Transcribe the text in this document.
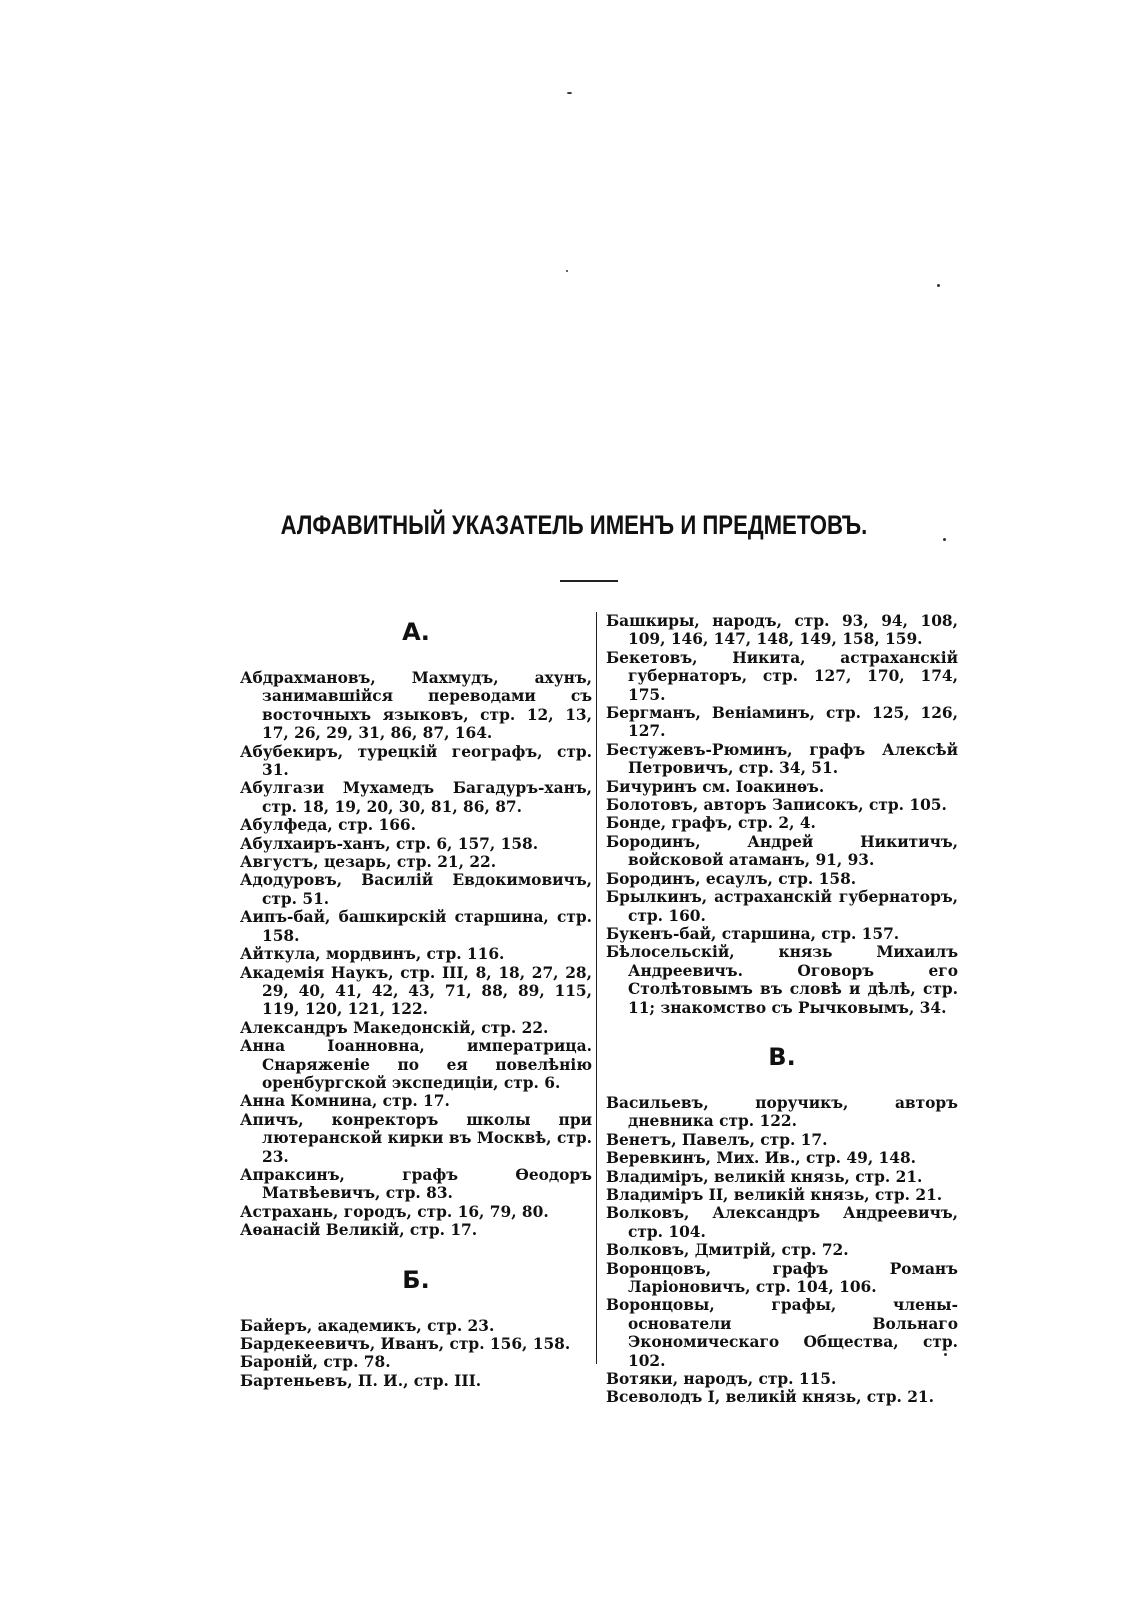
АЛФАВИТНЫЙ УКАЗАТЕЛЬ ИМЕНЪ И ПРЕДМЕТОВЪ.
А.

Абдрахмановъ, Махмудъ, ахунъ, занимавшійся переводами съ восточныхъ языковъ, стр. 12, 13, 17, 26, 29, 31, 86, 87, 164.

Абубекиръ, турецкій географъ, стр. 31.

Абулгази Мухамедъ Багадуръ-ханъ, стр. 18, 19, 20, 30, 81, 86, 87.

Абулфеда, стр. 166.

Абулхаиръ-ханъ, стр. 6, 157, 158.

Августъ, цезарь, стр. 21, 22.

Адодуровъ, Василій Евдокимовичъ, стр. 51.

Аипъ-бай, башкирскій старшина, стр. 158.

Айткула, мордвинъ, стр. 116.

Академія Наукъ, стр. III, 8, 18, 27, 28, 29, 40, 41, 42, 43, 71, 88, 89, 115, 119, 120, 121, 122.

Александръ Македонскій, стр. 22.

Анна Іоанновна, императрица. Снаряженіе по ея повелѣнію оренбургской экспедиціи, стр. 6.

Анна Комнина, стр. 17.

Апичъ, конректоръ школы при лютеранской кирки въ Москвѣ, стр. 23.

Апраксинъ, графъ Ѳеодоръ Матвѣевичъ, стр. 83.

Астрахань, городъ, стр. 16, 79, 80.

Аѳанасій Великій, стр. 17.

Б.

Байеръ, академикъ, стр. 23.

Бардекеевичъ, Иванъ, стр. 156, 158.

Бароній, стр. 78.

Бартеньевъ, П. И., стр. III.

Башкиры, народъ, стр. 93, 94, 108, 109, 146, 147, 148, 149, 158, 159.

Бекетовъ, Никита, астраханскій губернаторъ, стр. 127, 170, 174, 175.

Бергманъ, Веніаминъ, стр. 125, 126, 127.

Бестужевъ-Рюминъ, графъ Алексѣй Петровичъ, стр. 34, 51.

Бичуринъ см. Іоакинѳъ.

Болотовъ, авторъ Записокъ, стр. 105.

Бонде, графъ, стр. 2, 4.

Бородинъ, Андрей Никитичъ, войсковой атаманъ, 91, 93.

Бородинъ, есаулъ, стр. 158.

Брылкинъ, астраханскій губернаторъ, стр. 160.

Букенъ-бай, старшина, стр. 157.

Бѣлосельскій, князь Михаилъ Андреевичъ. Оговоръ его Столѣтовымъ въ словѣ и дѣлѣ, стр. 11; знакомство съ Рычковымъ, 34.

В.

Васильевъ, поручикъ, авторъ дневника стр. 122.

Венетъ, Павелъ, стр. 17.

Веревкинъ, Мих. Ив., стр. 49, 148.

Владиміръ, великій князь, стр. 21.

Владиміръ II, великій князь, стр. 21.

Волковъ, Александръ Андреевичъ, стр. 104.

Волковъ, Дмитрій, стр. 72.

Воронцовъ, графъ Романъ Ларіоновичъ, стр. 104, 106.

Воронцовы, графы, члены-основатели Вольнаго Экономическаго Общества, стр. 102.

Вотяки, народъ, стр. 115.

Всеволодъ I, великій князь, стр. 21.
